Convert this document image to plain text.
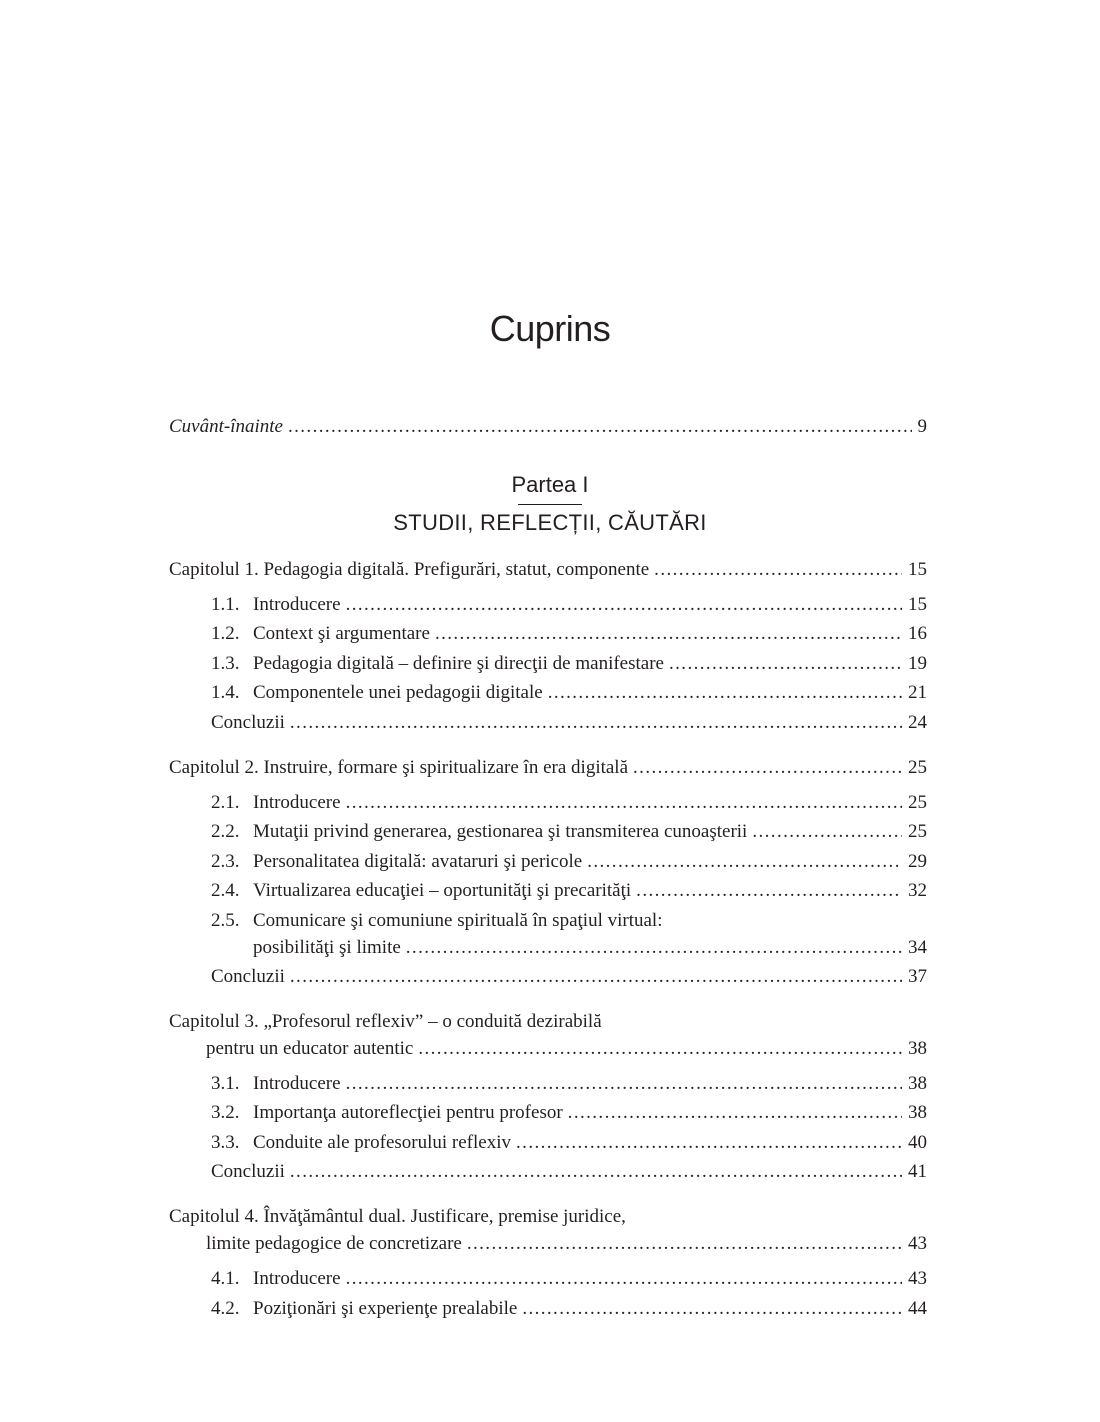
Cuprins
Cuvânt-înainte .....	9
Partea I
STUDII, REFLECȚII, CĂUTĂRI
Capitolul 1. Pedagogia digitală. Prefigurări, statut, componente .....	15
1.1. Introducere .....	15
1.2. Context şi argumentare .....	16
1.3. Pedagogia digitală – definire şi direcţii de manifestare .....	19
1.4. Componentele unei pedagogii digitale .....	21
Concluzii .....	24
Capitolul 2. Instruire, formare şi spiritualizare în era digitală .....	25
2.1. Introducere .....	25
2.2. Mutaţii privind generarea, gestionarea şi transmiterea cunoaşterii .....	25
2.3. Personalitatea digitală: avataruri şi pericole .....	29
2.4. Virtualizarea educaţiei – oportunităţi şi precarităţi .....	32
2.5. Comunicare şi comuniune spirituală în spaţiul virtual:
posibilităţi şi limite .....	34
Concluzii .....	37
Capitolul 3. „Profesorul reflexiv” – o conduită dezirabilă
pentru un educator autentic .....	38
3.1. Introducere .....	38
3.2. Importanţa autoreflecţiei pentru profesor .....	38
3.3. Conduite ale profesorului reflexiv .....	40
Concluzii .....	41
Capitolul 4. Învăţământul dual. Justificare, premise juridice,
limite pedagogice de concretizare .....	43
4.1. Introducere .....	43
4.2. Poziţionări şi experienţe prealabile .....	44
